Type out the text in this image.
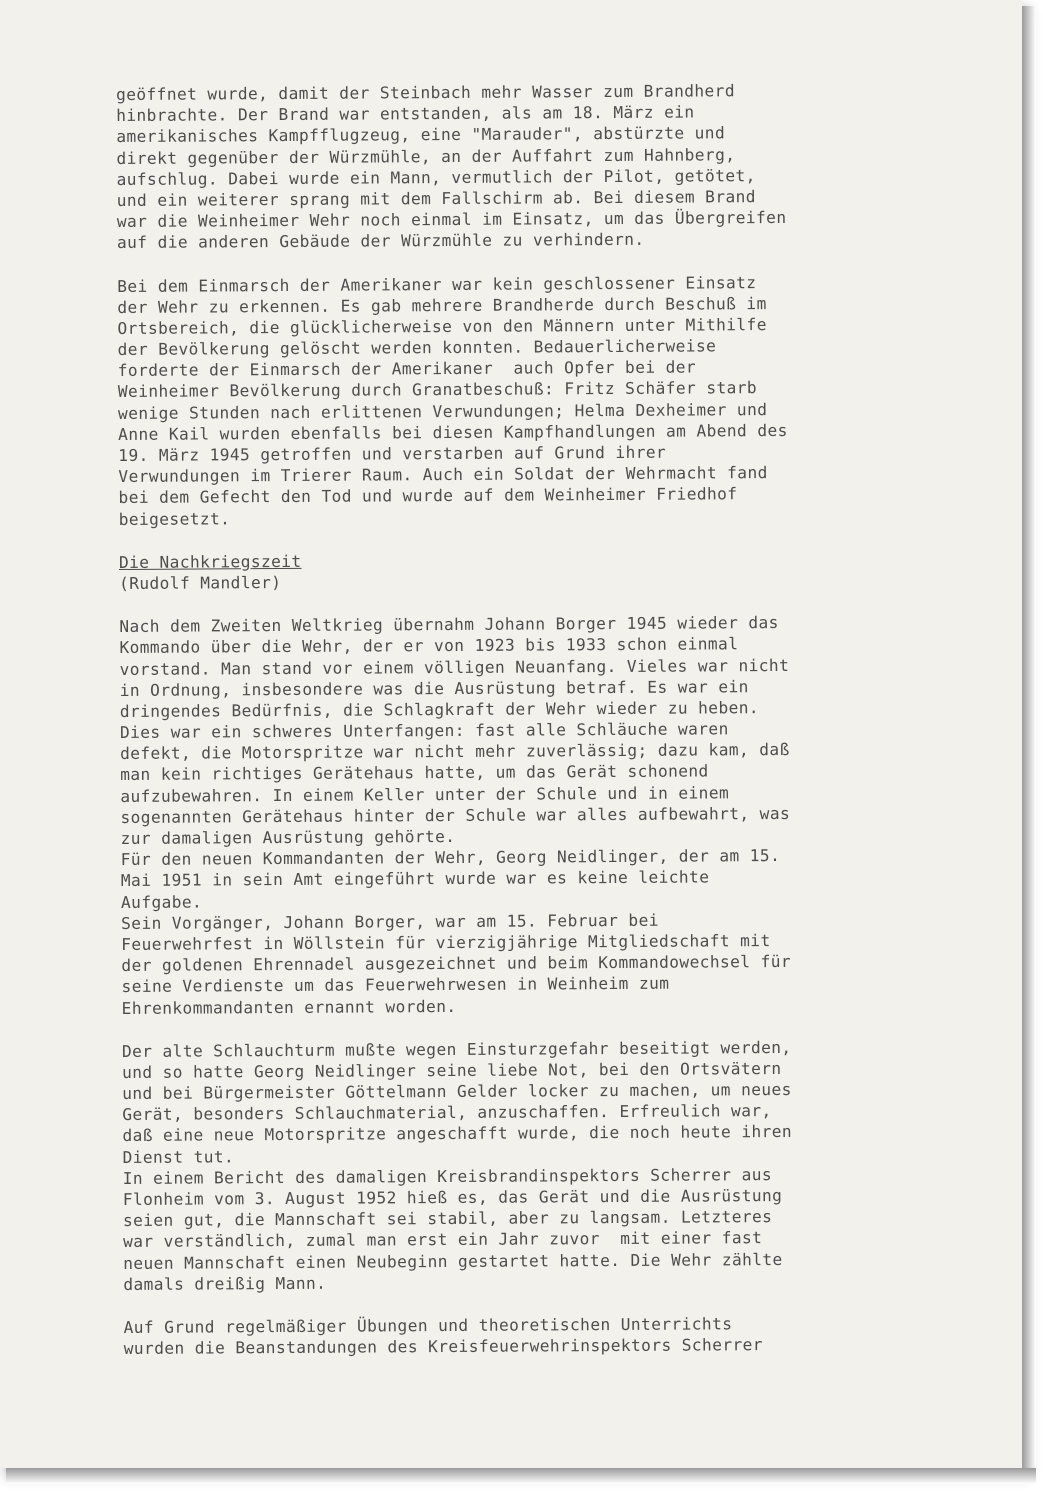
geöffnet wurde, damit der Steinbach mehr Wasser zum Brandherd
hinbrachte. Der Brand war entstanden, als am 18. März ein
amerikanisches Kampfflugzeug, eine "Marauder", abstürzte und
direkt gegenüber der Würzmühle, an der Auffahrt zum Hahnberg,
aufschlug. Dabei wurde ein Mann, vermutlich der Pilot, getötet,
und ein weiterer sprang mit dem Fallschirm ab. Bei diesem Brand
war die Weinheimer Wehr noch einmal im Einsatz, um das Übergreifen
auf die anderen Gebäude der Würzmühle zu verhindern.
Bei dem Einmarsch der Amerikaner war kein geschlossener Einsatz
der Wehr zu erkennen. Es gab mehrere Brandherde durch Beschuß im
Ortsbereich, die glücklicherweise von den Männern unter Mithilfe
der Bevölkerung gelöscht werden konnten. Bedauerlicherweise
forderte der Einmarsch der Amerikaner  auch Opfer bei der
Weinheimer Bevölkerung durch Granatbeschuß: Fritz Schäfer starb
wenige Stunden nach erlittenen Verwundungen; Helma Dexheimer und
Anne Kail wurden ebenfalls bei diesen Kampfhandlungen am Abend des
19. März 1945 getroffen und verstarben auf Grund ihrer
Verwundungen im Trierer Raum. Auch ein Soldat der Wehrmacht fand
bei dem Gefecht den Tod und wurde auf dem Weinheimer Friedhof
beigesetzt.
Die Nachkriegszeit
(Rudolf Mandler)
Nach dem Zweiten Weltkrieg übernahm Johann Borger 1945 wieder das
Kommando über die Wehr, der er von 1923 bis 1933 schon einmal
vorstand. Man stand vor einem völligen Neuanfang. Vieles war nicht
in Ordnung, insbesondere was die Ausrüstung betraf. Es war ein
dringendes Bedürfnis, die Schlagkraft der Wehr wieder zu heben.
Dies war ein schweres Unterfangen: fast alle Schläuche waren
defekt, die Motorspritze war nicht mehr zuverlässig; dazu kam, daß
man kein richtiges Gerätehaus hatte, um das Gerät schonend
aufzubewahren. In einem Keller unter der Schule und in einem
sogenannten Gerätehaus hinter der Schule war alles aufbewahrt, was
zur damaligen Ausrüstung gehörte.
Für den neuen Kommandanten der Wehr, Georg Neidlinger, der am 15.
Mai 1951 in sein Amt eingeführt wurde war es keine leichte
Aufgabe.
Sein Vorgänger, Johann Borger, war am 15. Februar bei
Feuerwehrfest in Wöllstein für vierzigjährige Mitgliedschaft mit
der goldenen Ehrennadel ausgezeichnet und beim Kommandowechsel für
seine Verdienste um das Feuerwehrwesen in Weinheim zum
Ehrenkommandanten ernannt worden.
Der alte Schlauchturm mußte wegen Einsturzgefahr beseitigt werden,
und so hatte Georg Neidlinger seine liebe Not, bei den Ortsvätern
und bei Bürgermeister Göttelmann Gelder locker zu machen, um neues
Gerät, besonders Schlauchmaterial, anzuschaffen. Erfreulich war,
daß eine neue Motorspritze angeschafft wurde, die noch heute ihren
Dienst tut.
In einem Bericht des damaligen Kreisbrandinspektors Scherrer aus
Flonheim vom 3. August 1952 hieß es, das Gerät und die Ausrüstung
seien gut, die Mannschaft sei stabil, aber zu langsam. Letzteres
war verständlich, zumal man erst ein Jahr zuvor  mit einer fast
neuen Mannschaft einen Neubeginn gestartet hatte. Die Wehr zählte
damals dreißig Mann.
Auf Grund regelmäßiger Übungen und theoretischen Unterrichts
wurden die Beanstandungen des Kreisfeuerwehrinspektors Scherrer
